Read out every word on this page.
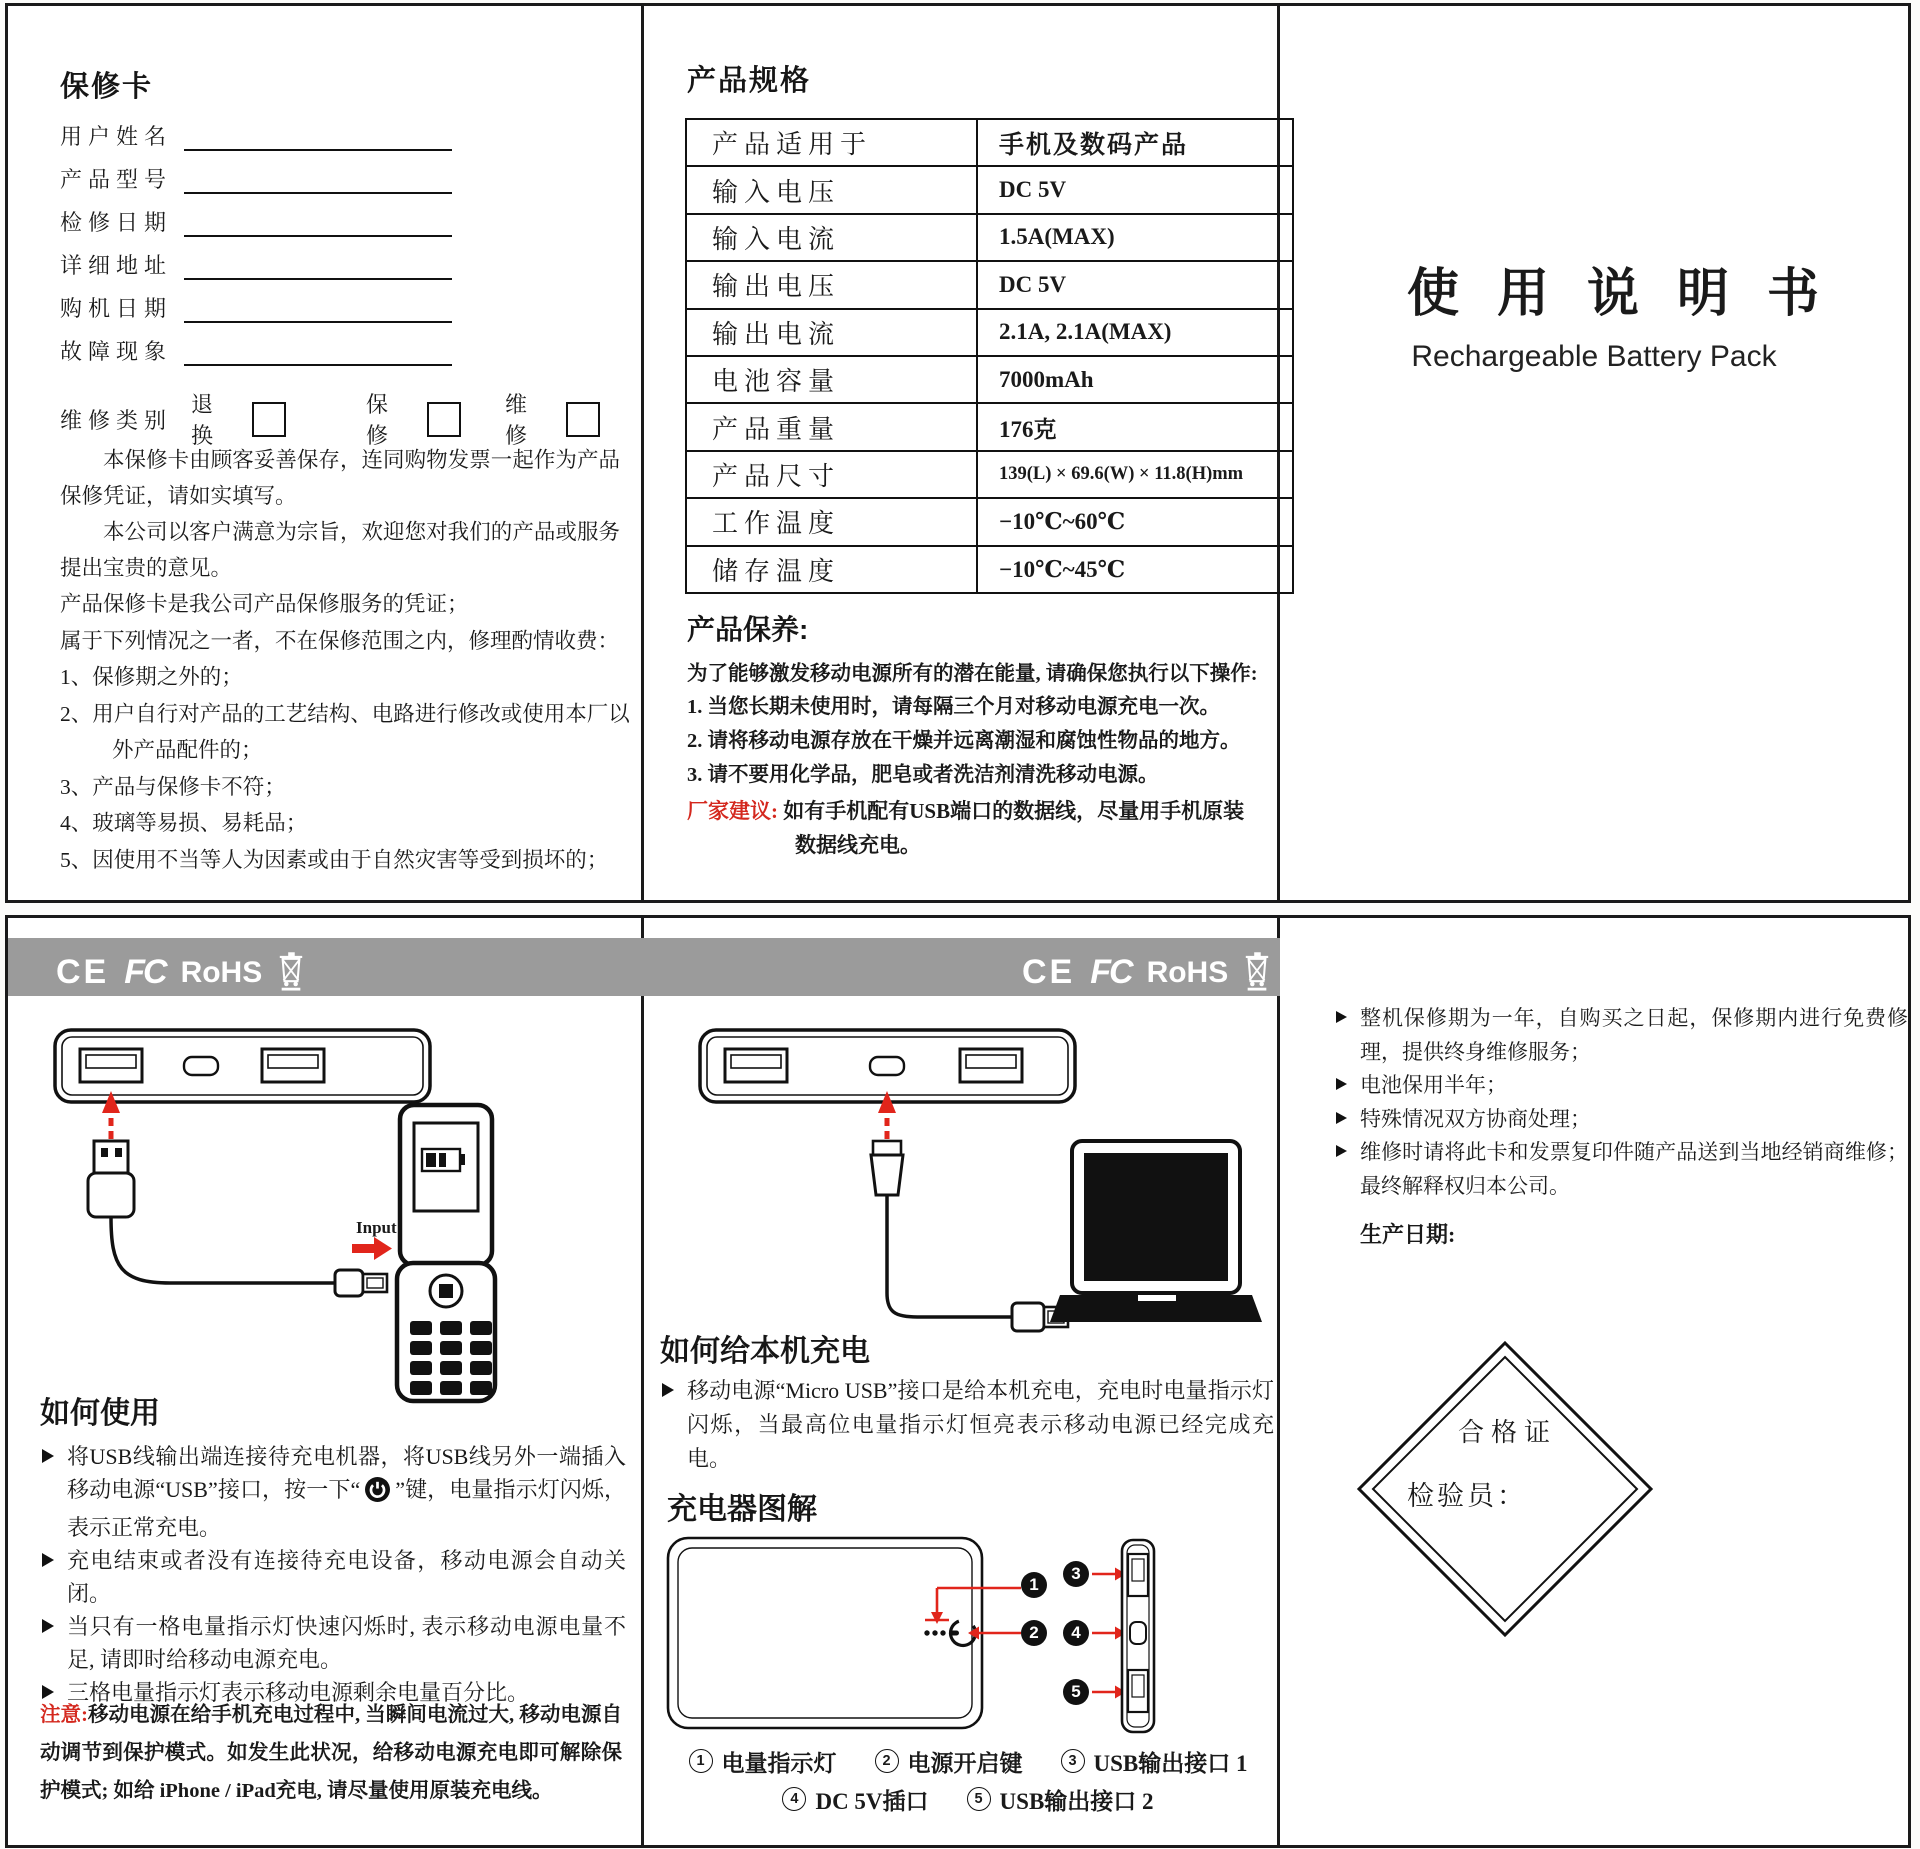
保修卡
用户姓名
产品型号
检修日期
详细地址
购机日期
故障现象
维修类别
退换
保修
维修

本保修卡由顾客妥善保存，连同购物发票一起作为产品保修凭证，请如实填写。

本公司以客户满意为宗旨，欢迎您对我们的产品或服务提出宝贵的意见。

产品保修卡是我公司产品保修服务的凭证；
属于下列情况之一者，不在保修范围之内，修理酌情收费：
1、保修期之外的；
2、用户自行对产品的工艺结构、电路进行修改或使用本厂以外产品配件的；
3、产品与保修卡不符；
4、玻璃等易损、易耗品；
5、因使用不当等人为因素或由于自然灾害等受到损坏的；
产品规格
产品适用于	手机及数码产品
输入电压	DC 5V
输入电流	1.5A(MAX)
输出电压	DC 5V
输出电流	2.1A, 2.1A(MAX)
电池容量	7000mAh
产品重量	176克
产品尺寸	139(L) × 69.6(W) × 11.8(H)mm
工作温度	−10℃~60℃
储存温度	−10℃~45℃
产品保养:
为了能够激发移动电源所有的潜在能量, 请确保您执行以下操作:
1. 当您长期未使用时，请每隔三个月对移动电源充电一次。
2. 请将移动电源存放在干燥并远离潮湿和腐蚀性物品的地方。
3. 请不要用化学品，肥皂或者洗洁剂清洗移动电源。
厂家建议: 如有手机配有USB端口的数据线，尽量用手机原装
数据线充电。
使用说明书
Rechargeable Battery Pack
CE FC RoHS	CE FC RoHS
Input
如何使用
将USB线输出端连接待充电机器，将USB线另外一端插入移动电源“USB”接口，按一下“ ”键，电量指示灯闪烁，表示正常充电。
充电结束或者没有连接待充电设备，移动电源会自动关闭。
当只有一格电量指示灯快速闪烁时, 表示移动电源电量不足, 请即时给移动电源充电。
三格电量指示灯表示移动电源剩余电量百分比。
注意:移动电源在给手机充电过程中, 当瞬间电流过大, 移动电源自动调节到保护模式。如发生此状况，给移动电源充电即可解除保护模式; 如给 iPhone / iPad充电, 请尽量使用原装充电线。
如何给本机充电
移动电源“Micro USB”接口是给本机充电，充电时电量指示灯闪烁，当最高位电量指示灯恒亮表示移动电源已经完成充电。
充电器图解
1
2
3
4
5
1 电量指示灯	2 电源开启键	3 USB输出接口 1
4 DC 5V插口	5 USB输出接口 2
整机保修期为一年，自购买之日起，保修期内进行免费修理，提供终身维修服务；
电池保用半年；
特殊情况双方协商处理；
维修时请将此卡和发票复印件随产品送到当地经销商维修；最终解释权归本公司。
生产日期:
合格证
检验员：
